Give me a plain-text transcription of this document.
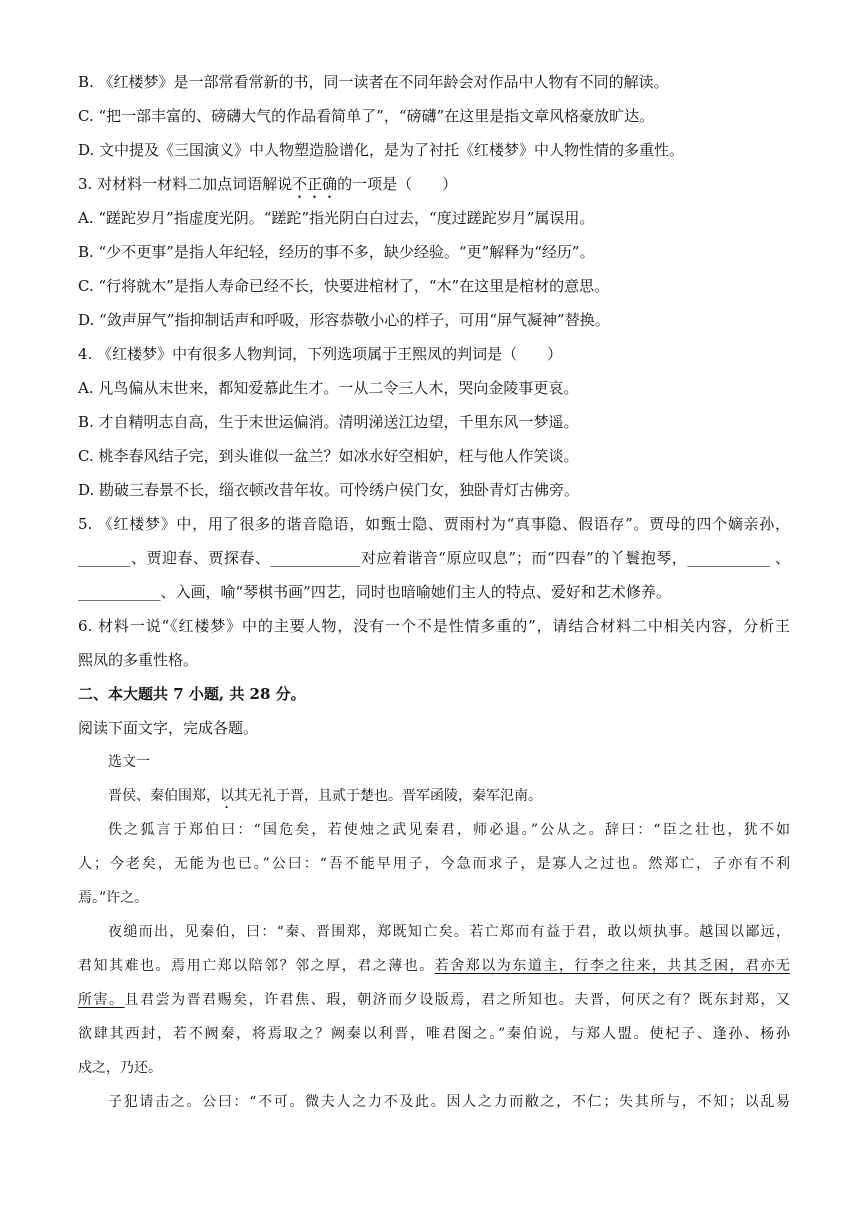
B. 《红楼梦》是一部常看常新的书，同一读者在不同年龄会对作品中人物有不同的解读。
C. “把一部丰富的、磅礴大气的作品看简单了”，“磅礴”在这里是指文章风格豪放旷达。
D. 文中提及《三国演义》中人物塑造脸谱化，是为了衬托《红楼梦》中人物性情的多重性。
3. 对材料一材料二加点词语解说不正确的一项是（　　）
A. “蹉跎岁月”指虚度光阴。“蹉跎”指光阴白白过去，“度过蹉跎岁月”属误用。
B. “少不更事”是指人年纪轻，经历的事不多，缺少经验。“更”解释为“经历”。
C. “行将就木”是指人寿命已经不长，快要进棺材了，“木”在这里是棺材的意思。
D. “敛声屏气”指抑制话声和呼吸，形容恭敬小心的样子，可用“屏气凝神”替换。
4. 《红楼梦》中有很多人物判词，下列选项属于王熙凤的判词是（　　）
A. 凡鸟偏从末世来，都知爱慕此生才。一从二令三人木，哭向金陵事更哀。
B. 才自精明志自高，生于末世运偏消。清明涕送江边望，千里东风一梦遥。
C. 桃李春风结子完，到头谁似一盆兰？如冰水好空相妒，枉与他人作笑谈。
D. 勘破三春景不长，缁衣顿改昔年妆。可怜绣户侯门女，独卧青灯古佛旁。
5. 《红楼梦》中，用了很多的谐音隐语，如甄士隐、贾雨村为“真事隐、假语存”。贾母的四个嫡亲孙，
_______、贾迎春、贾探春、____________对应着谐音“原应叹息”；而“四春”的丫鬟抱琴，___________ 、
___________、入画，喻“琴棋书画”四艺，同时也暗喻她们主人的特点、爱好和艺术修养。
6. 材料一说“《红楼梦》中的主要人物，没有一个不是性情多重的”，请结合材料二中相关内容，分析王
熙凤的多重性格。
二、本大题共 7 小题, 共 28 分。
阅读下面文字，完成各题。
选文一
晋侯、秦伯围郑，以其无礼于晋，且贰于楚也。晋军函陵，秦军氾南。
佚之狐言于郑伯曰：“国危矣，若使烛之武见秦君，师必退。”公从之。辞曰：“臣之壮也，犹不如
人；今老矣，无能为也已。”公曰：“吾不能早用子，今急而求子，是寡人之过也。然郑亡，子亦有不利
焉。”许之。
夜缒而出，见秦伯，曰：“秦、晋围郑，郑既知亡矣。若亡郑而有益于君，敢以烦执事。越国以鄙远，
君知其难也。焉用亡郑以陪邻？邻之厚，君之薄也。若舍郑以为东道主，行李之往来，共其乏困，君亦无
所害。且君尝为晋君赐矣，许君焦、瑕，朝济而夕设版焉，君之所知也。夫晋，何厌之有？既东封郑，又
欲肆其西封，若不阙秦，将焉取之？阙秦以利晋，唯君图之。”秦伯说，与郑人盟。使杞子、逢孙、杨孙
戍之，乃还。
子犯请击之。公曰：“不可。微夫人之力不及此。因人之力而敝之，不仁；失其所与，不知；以乱易
